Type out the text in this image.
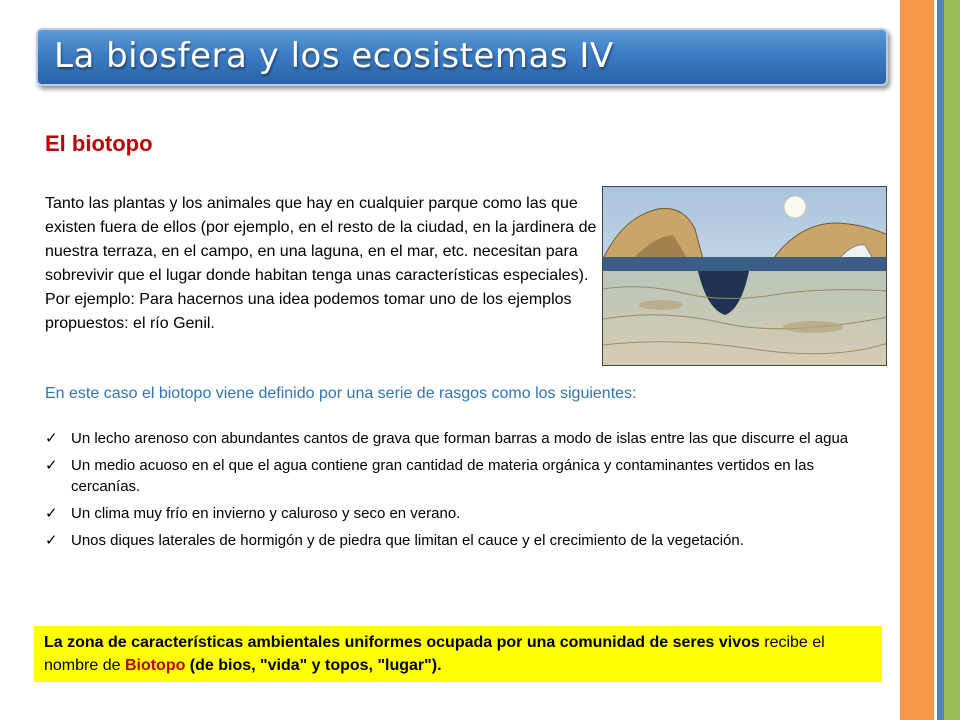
La biosfera y los ecosistemas IV
El biotopo
Tanto las plantas y los animales que hay en cualquier parque como las que existen fuera de ellos (por ejemplo, en el resto de la ciudad, en la jardinera de nuestra terraza, en el campo, en una laguna, en el mar, etc. necesitan para sobrevivir que el lugar donde habitan tenga unas características especiales). Por ejemplo: Para hacernos una idea podemos tomar uno de los ejemplos propuestos: el río Genil.
En este caso el biotopo viene definido por una serie de rasgos como los siguientes:
✓ Un lecho arenoso con abundantes cantos de grava que forman barras a modo de islas entre las que discurre el agua
✓ Un medio acuoso en el que el agua contiene gran cantidad de materia orgánica y contaminantes vertidos en las cercanías.
✓ Un clima muy frío en invierno y caluroso y seco en verano.
✓ Unos diques laterales de hormigón y de piedra que limitan el cauce y el crecimiento de la vegetación.
La zona de características ambientales uniformes ocupada por una comunidad de seres vivos recibe el nombre de Biotopo (de bios, "vida" y topos, "lugar").
